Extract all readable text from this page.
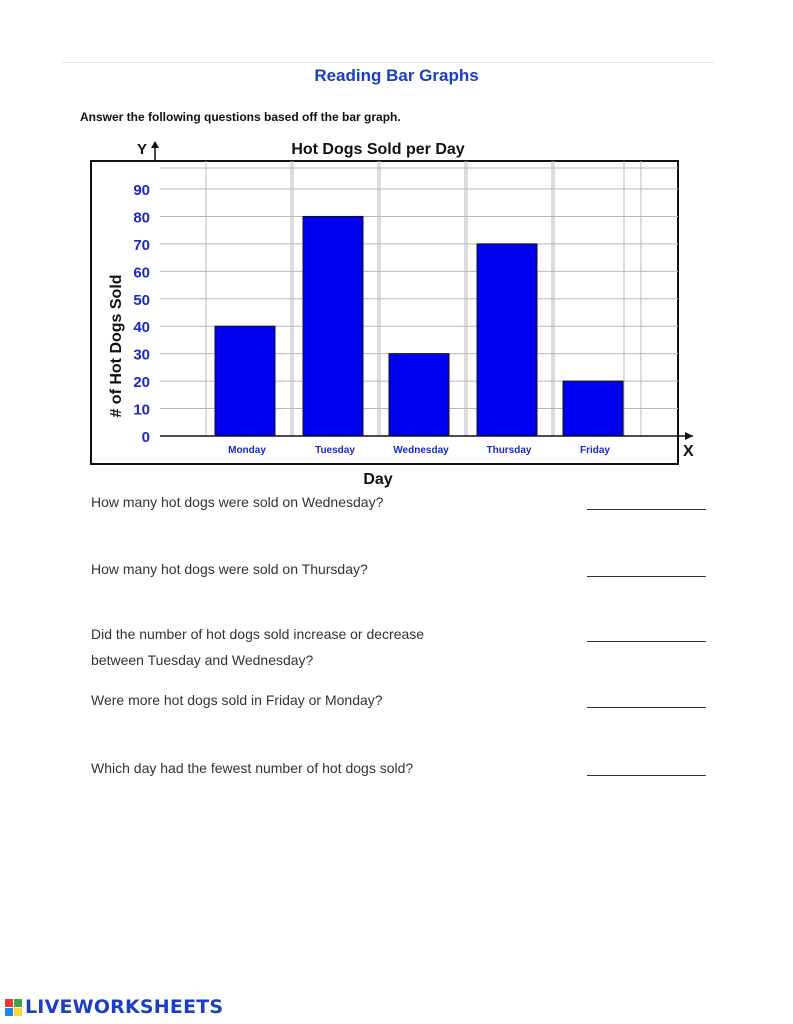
Reading Bar Graphs
Answer the following questions based off the bar graph.
0
10
20
30
40
50
60
70
80
90
Monday	Tuesday	Wednesday	Thursday	Friday
Hot Dogs Sold per Day
Y
X
Day
# of Hot Dogs Sold
How many hot dogs were sold on Wednesday?
How many hot dogs were sold on Thursday?
Did the number of hot dogs sold increase or decrease
between Tuesday and Wednesday?
Were more hot dogs sold in Friday or Monday?
Which day had the fewest number of hot dogs sold?
LIVEWORKSHEETS
